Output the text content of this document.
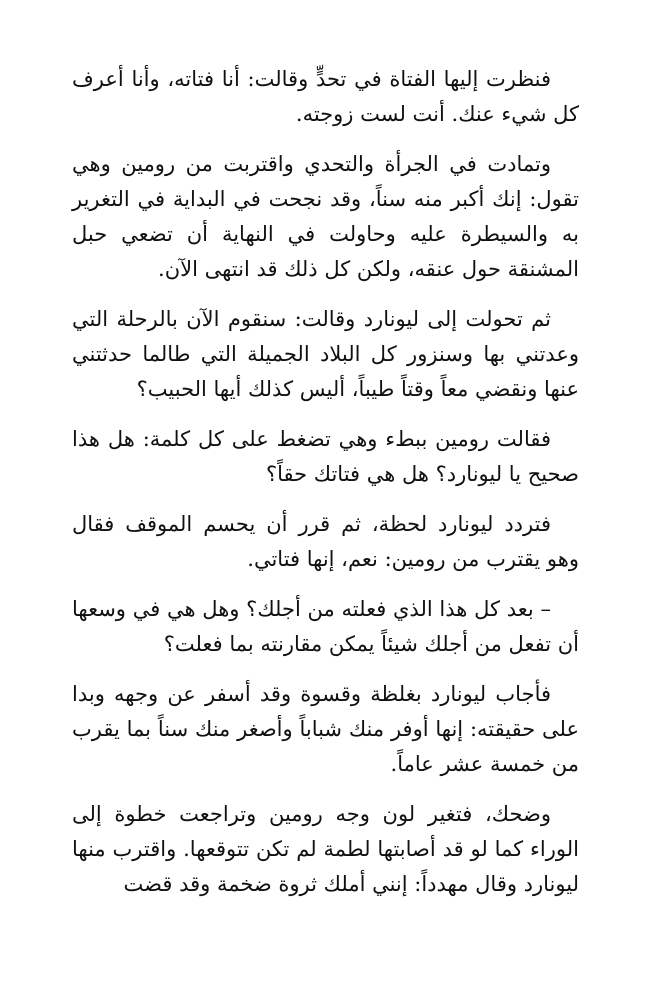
فنظرت إليها الفتاة في تحدٍّ وقالت: أنا فتاته، وأنا أعرف كل شيء عنك. أنت لست زوجته.

وتمادت في الجرأة والتحدي واقتربت من رومين وهي تقول: إنك أكبر منه سناً، وقد نجحت في البداية في التغرير به والسيطرة عليه وحاولت في النهاية أن تضعي حبل المشنقة حول عنقه، ولكن كل ذلك قد انتهى الآن.

ثم تحولت إلى ليونارد وقالت: سنقوم الآن بالرحلة التي وعدتني بها وسنزور كل البلاد الجميلة التي طالما حدثتني عنها ونقضي معاً وقتاً طيباً، أليس كذلك أيها الحبيب؟

فقالت رومين ببطء وهي تضغط على كل كلمة: هل هذا صحيح يا ليونارد؟ هل هي فتاتك حقاً؟

فتردد ليونارد لحظة، ثم قرر أن يحسم الموقف فقال وهو يقترب من رومين: نعم، إنها فتاتي.

– بعد كل هذا الذي فعلته من أجلك؟ وهل هي في وسعها أن تفعل من أجلك شيئاً يمكن مقارنته بما فعلت؟

فأجاب ليونارد بغلظة وقسوة وقد أسفر عن وجهه وبدا على حقيقته: إنها أوفر منك شباباً وأصغر منك سناً بما يقرب من خمسة عشر عاماً.

وضحك، فتغير لون وجه رومين وتراجعت خطوة إلى الوراء كما لو قد أصابتها لطمة لم تكن تتوقعها. واقترب منها ليونارد وقال مهدداً: إنني أملك ثروة ضخمة وقد قضت
